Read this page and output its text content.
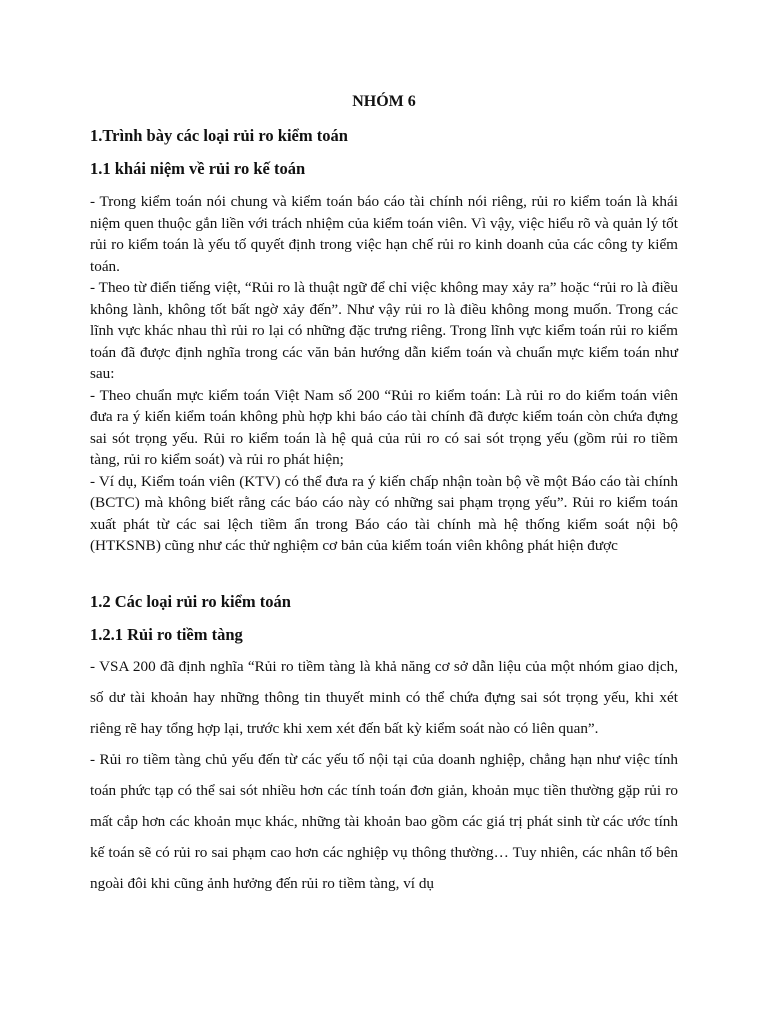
NHÓM 6
1.Trình bày các loại rủi ro kiểm toán
1.1 khái niệm về rủi ro kế toán

- Trong kiểm toán nói chung và kiểm toán báo cáo tài chính nói riêng, rủi ro kiểm toán là khái niệm quen thuộc gắn liền với trách nhiệm của kiểm toán viên. Vì vậy, việc hiểu rõ và quản lý tốt rủi ro kiểm toán là yếu tố quyết định trong việc hạn chế rủi ro kinh doanh của các công ty kiểm toán.

- Theo từ điển tiếng việt, “Rủi ro là thuật ngữ để chỉ việc không may xảy ra” hoặc “rủi ro là điều không lành, không tốt bất ngờ xảy đến”. Như vậy rủi ro là điều không mong muốn. Trong các lĩnh vực khác nhau thì rủi ro lại có những đặc trưng riêng. Trong lĩnh vực kiểm toán rủi ro kiểm toán đã được định nghĩa trong các văn bản hướng dẫn kiểm toán và chuẩn mực kiểm toán như sau:

- Theo chuẩn mực kiểm toán Việt Nam số 200 “Rủi ro kiểm toán: Là rủi ro do kiểm toán viên đưa ra ý kiến kiểm toán không phù hợp khi báo cáo tài chính đã được kiểm toán còn chứa đựng sai sót trọng yếu. Rủi ro kiểm toán là hệ quả của rủi ro có sai sót trọng yếu (gồm rủi ro tiềm tàng, rủi ro kiểm soát) và rủi ro phát hiện;

- Ví dụ, Kiểm toán viên (KTV) có thể đưa ra ý kiến chấp nhận toàn bộ về một Báo cáo tài chính (BCTC) mà không biết rằng các báo cáo này có những sai phạm trọng yếu”. Rủi ro kiểm toán xuất phát từ các sai lệch tiềm ẩn trong Báo cáo tài chính mà hệ thống kiểm soát nội bộ (HTKSNB) cũng như các thử nghiệm cơ bản của kiểm toán viên không phát hiện được

1.2 Các loại rủi ro kiểm toán
1.2.1 Rủi ro tiềm tàng

- VSA 200 đã định nghĩa “Rủi ro tiềm tàng là khả năng cơ sở dẫn liệu của một nhóm giao dịch, số dư tài khoản hay những thông tin thuyết minh có thể chứa đựng sai sót trọng yếu, khi xét riêng rẽ hay tổng hợp lại, trước khi xem xét đến bất kỳ kiểm soát nào có liên quan”.

- Rủi ro tiềm tàng chủ yếu đến từ các yếu tố nội tại của doanh nghiệp, chẳng hạn như việc tính toán phức tạp có thể sai sót nhiều hơn các tính toán đơn giản, khoản mục tiền thường gặp rủi ro mất cắp hơn các khoản mục khác, những tài khoản bao gồm các giá trị phát sinh từ các ước tính kế toán sẽ có rủi ro sai phạm cao hơn các nghiệp vụ thông thường… Tuy nhiên, các nhân tố bên ngoài đôi khi cũng ảnh hưởng đến rủi ro tiềm tàng, ví dụ
